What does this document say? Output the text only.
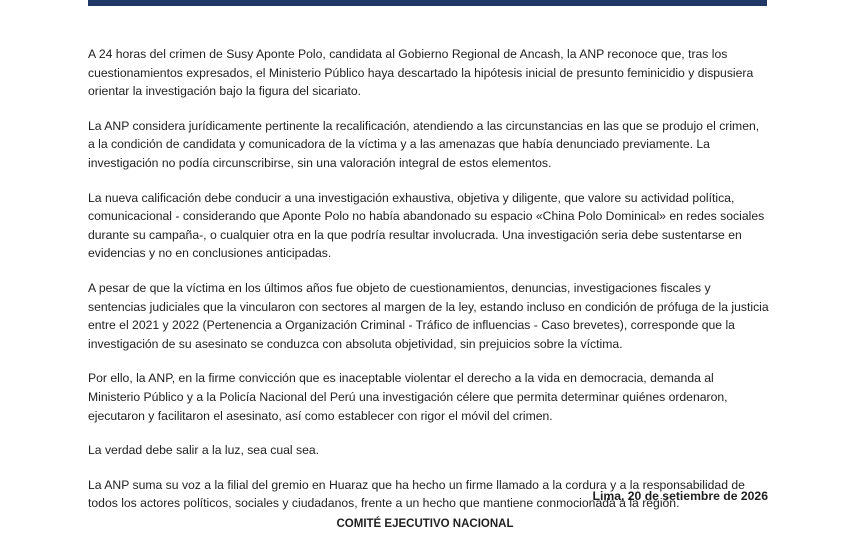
A 24 horas del crimen de Susy Aponte Polo, candidata al Gobierno Regional de Ancash, la ANP reconoce que, tras los cuestionamientos expresados, el Ministerio Público haya descartado la hipótesis inicial de presunto feminicidio y dispusiera orientar la investigación bajo la figura del sicariato.

La ANP considera jurídicamente pertinente la recalificación, atendiendo a las circunstancias en las que se produjo el crimen, a la condición de candidata y comunicadora de la víctima y a las amenazas que había denunciado previamente. La investigación no podía circunscribirse, sin una valoración integral de estos elementos.

La nueva calificación debe conducir a una investigación exhaustiva, objetiva y diligente, que valore su actividad política, comunicacional - considerando que Aponte Polo no había abandonado su espacio «China Polo Dominical» en redes sociales durante su campaña-, o cualquier otra en la que podría resultar involucrada. Una investigación seria debe sustentarse en evidencias y no en conclusiones anticipadas.

A pesar de que la víctima en los últimos años fue objeto de cuestionamientos, denuncias, investigaciones fiscales y sentencias judiciales que la vincularon con sectores al margen de la ley, estando incluso en condición de prófuga de la justicia entre el 2021 y 2022 (Pertenencia a Organización Criminal - Tráfico de influencias - Caso brevetes), corresponde que la investigación de su asesinato se conduzca con absoluta objetividad, sin prejuicios sobre la víctima.

Por ello, la ANP, en la firme convicción que es inaceptable violentar el derecho a la vida en democracia, demanda al Ministerio Público y a la Policía Nacional del Perú una investigación célere que permita determinar quiénes ordenaron, ejecutaron y facilitaron el asesinato, así como establecer con rigor el móvil del crimen.

La verdad debe salir a la luz, sea cual sea.

La ANP suma su voz a la filial del gremio en Huaraz que ha hecho un firme llamado a la cordura y a la responsabilidad de todos los actores políticos, sociales y ciudadanos, frente a un hecho que mantiene conmocionada a la región.

Lima, 20 de setiembre de 2026
COMITÉ EJECUTIVO NACIONAL
